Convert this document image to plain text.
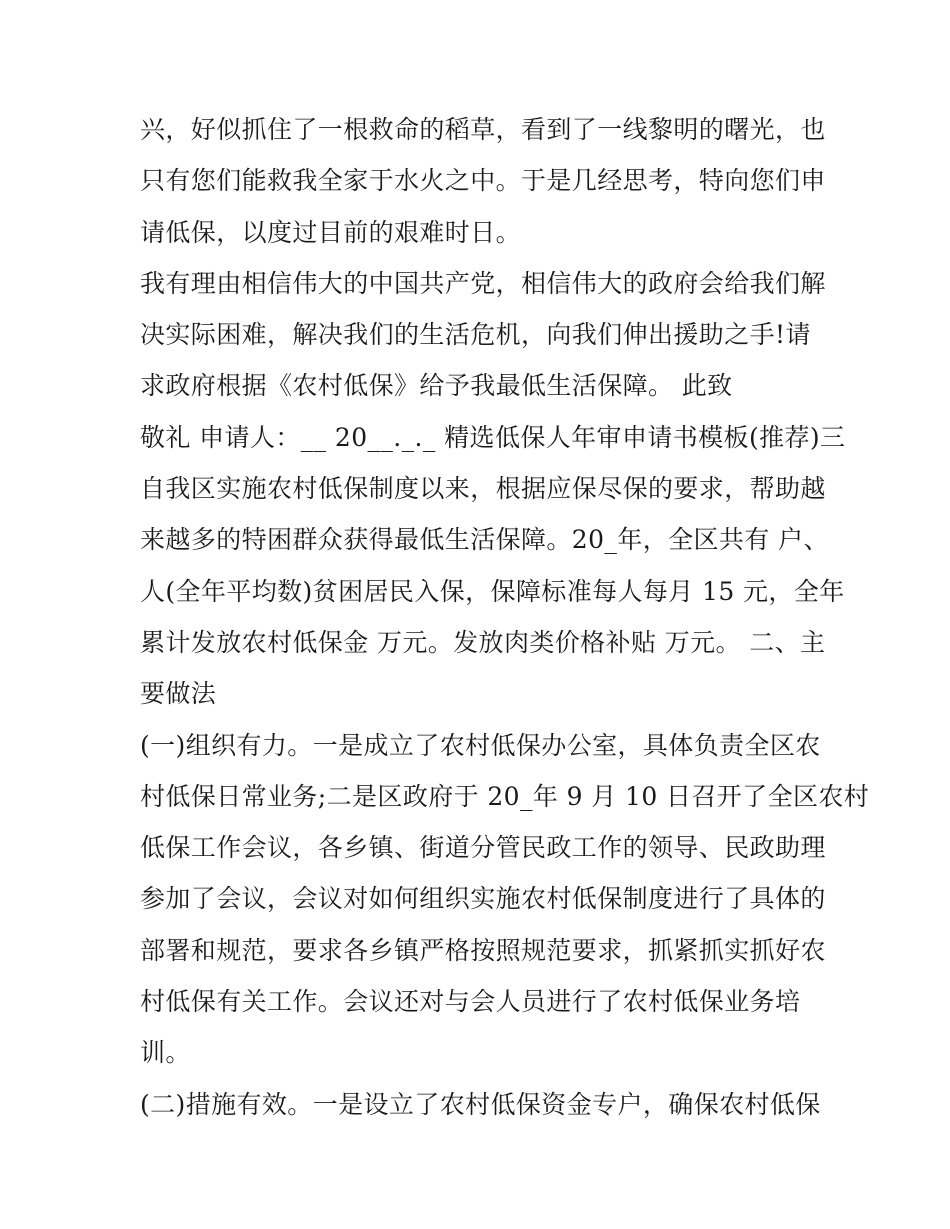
兴，好似抓住了一根救命的稻草，看到了一线黎明的曙光，也
只有您们能救我全家于水火之中。于是几经思考，特向您们申
请低保，以度过目前的艰难时日。
我有理由相信伟大的中国共产党，相信伟大的政府会给我们解
决实际困难，解决我们的生活危机，向我们伸出援助之手!请
求政府根据《农村低保》给予我最低生活保障。 此致
敬礼 申请人：__ 20__._._ 精选低保人年审申请书模板(推荐)三
自我区实施农村低保制度以来，根据应保尽保的要求，帮助越
来越多的特困群众获得最低生活保障。20_年，全区共有 户、
人(全年平均数)贫困居民入保，保障标准每人每月 15 元，全年
累计发放农村低保金 万元。发放肉类价格补贴 万元。 二、主
要做法
(一)组织有力。一是成立了农村低保办公室，具体负责全区农
村低保日常业务;二是区政府于 20_年 9 月 10 日召开了全区农村
低保工作会议，各乡镇、街道分管民政工作的领导、民政助理
参加了会议，会议对如何组织实施农村低保制度进行了具体的
部署和规范，要求各乡镇严格按照规范要求，抓紧抓实抓好农
村低保有关工作。会议还对与会人员进行了农村低保业务培
训。
(二)措施有效。一是设立了农村低保资金专户，确保农村低保
